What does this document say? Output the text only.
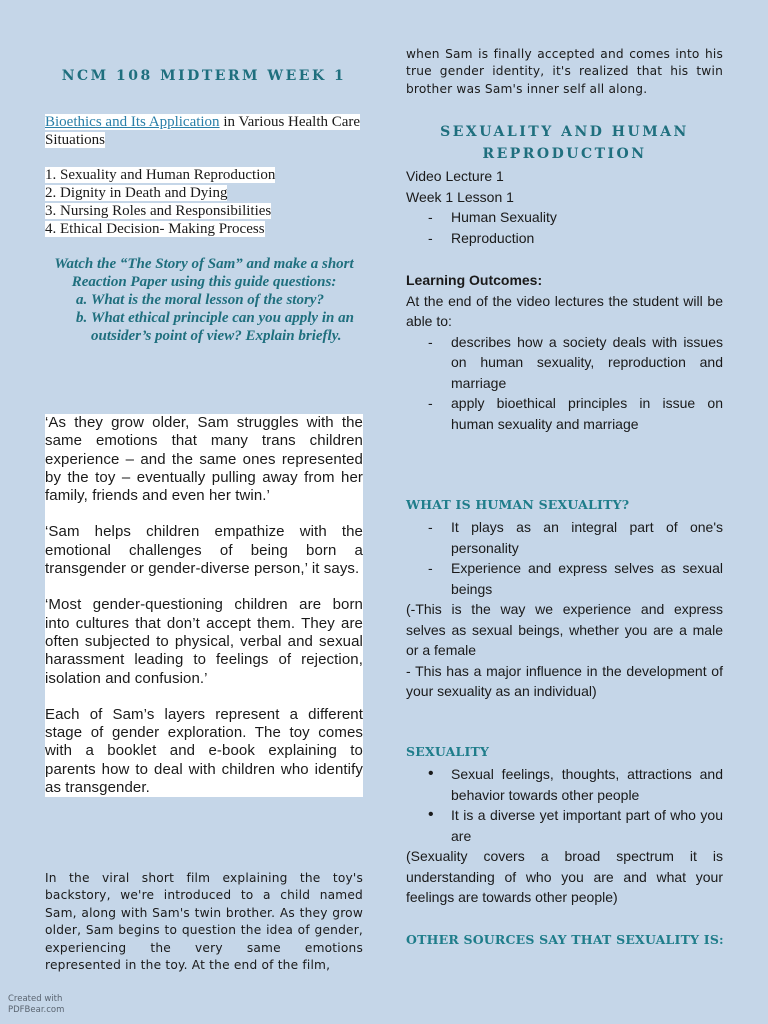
NCM 108 MIDTERM WEEK 1
Bioethics and Its Application in Various Health Care Situations
1. Sexuality and Human Reproduction
2. Dignity in Death and Dying
3. Nursing Roles and Responsibilities
4. Ethical Decision- Making Process
Watch the “The Story of Sam” and make a short Reaction Paper using this guide questions:
a. What is the moral lesson of the story?
b. What ethical principle can you apply in an outsider’s point of view? Explain briefly.
‘As they grow older, Sam struggles with the same emotions that many trans children experience – and the same ones represented by the toy – eventually pulling away from her family, friends and even her twin.’
‘Sam helps children empathize with the emotional challenges of being born a transgender or gender-diverse person,’ it says.
‘Most gender-questioning children are born into cultures that don’t accept them. They are often subjected to physical, verbal and sexual harassment leading to feelings of rejection, isolation and confusion.’
Each of Sam’s layers represent a different stage of gender exploration. The toy comes with a booklet and e-book explaining to parents how to deal with children who identify as transgender.
In the viral short film explaining the toy's backstory, we're introduced to a child named Sam, along with Sam's twin brother. As they grow older, Sam begins to question the idea of gender, experiencing the very same emotions represented in the toy. At the end of the film,
when Sam is finally accepted and comes into his true gender identity, it's realized that his twin brother was Sam's inner self all along.
SEXUALITY AND HUMAN REPRODUCTION
Video Lecture 1
Week 1 Lesson 1
- Human Sexuality
- Reproduction
Learning Outcomes:
At the end of the video lectures the student will be able to:
- describes how a society deals with issues on human sexuality, reproduction and marriage
- apply bioethical principles in issue on human sexuality and marriage
WHAT IS HUMAN SEXUALITY?
- It plays as an integral part of one's personality
- Experience and express selves as sexual beings
(-This is the way we experience and express selves as sexual beings, whether you are a male or a female
- This has a major influence in the development of your sexuality as an individual)
SEXUALITY
• Sexual feelings, thoughts, attractions and behavior towards other people
• It is a diverse yet important part of who you are
(Sexuality covers a broad spectrum it is understanding of who you are and what your feelings are towards other people)
OTHER SOURCES SAY THAT SEXUALITY IS:
Created with
PDFBear.com
